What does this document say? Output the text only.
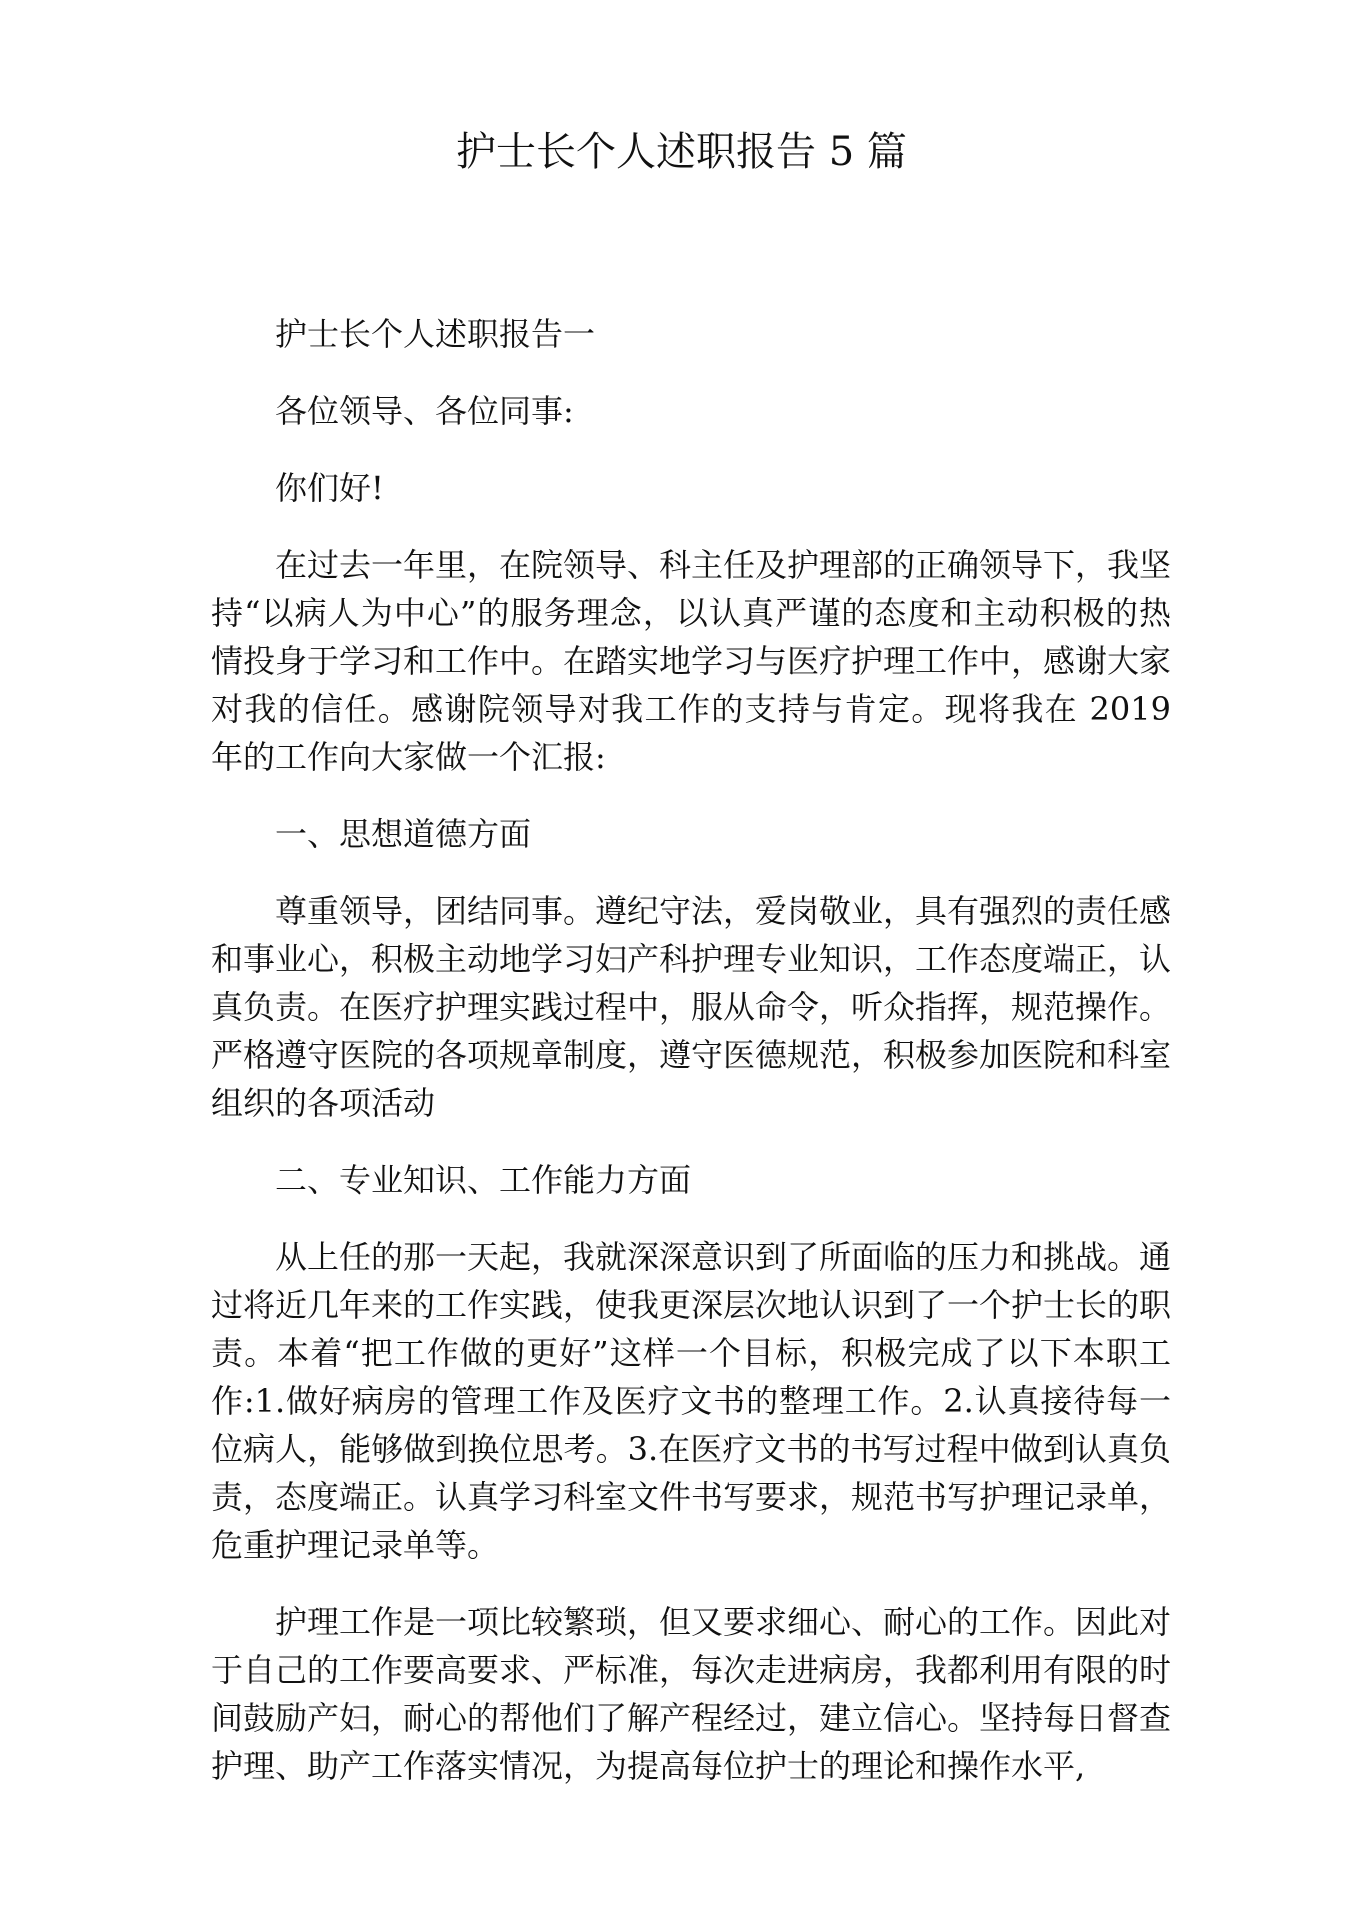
护士长个人述职报告 5 篇

护士长个人述职报告一

各位领导、各位同事:

你们好!

在过去一年里，在院领导、科主任及护理部的正确领导下，我坚持“以病人为中心”的服务理念，以认真严谨的态度和主动积极的热情投身于学习和工作中。在踏实地学习与医疗护理工作中，感谢大家对我的信任。感谢院领导对我工作的支持与肯定。现将我在 2019 年的工作向大家做一个汇报:

一、思想道德方面

尊重领导，团结同事。遵纪守法，爱岗敬业，具有强烈的责任感和事业心，积极主动地学习妇产科护理专业知识，工作态度端正，认真负责。在医疗护理实践过程中，服从命令，听众指挥，规范操作。严格遵守医院的各项规章制度，遵守医德规范，积极参加医院和科室组织的各项活动

二、专业知识、工作能力方面

从上任的那一天起，我就深深意识到了所面临的压力和挑战。通过将近几年来的工作实践，使我更深层次地认识到了一个护士长的职责。本着“把工作做的更好”这样一个目标，积极完成了以下本职工作:1.做好病房的管理工作及医疗文书的整理工作。2.认真接待每一位病人，能够做到换位思考。3.在医疗文书的书写过程中做到认真负责，态度端正。认真学习科室文件书写要求，规范书写护理记录单，危重护理记录单等。

护理工作是一项比较繁琐，但又要求细心、耐心的工作。因此对于自己的工作要高要求、严标准，每次走进病房，我都利用有限的时间鼓励产妇，耐心的帮他们了解产程经过，建立信心。坚持每日督查护理、助产工作落实情况，为提高每位护士的理论和操作水平,
